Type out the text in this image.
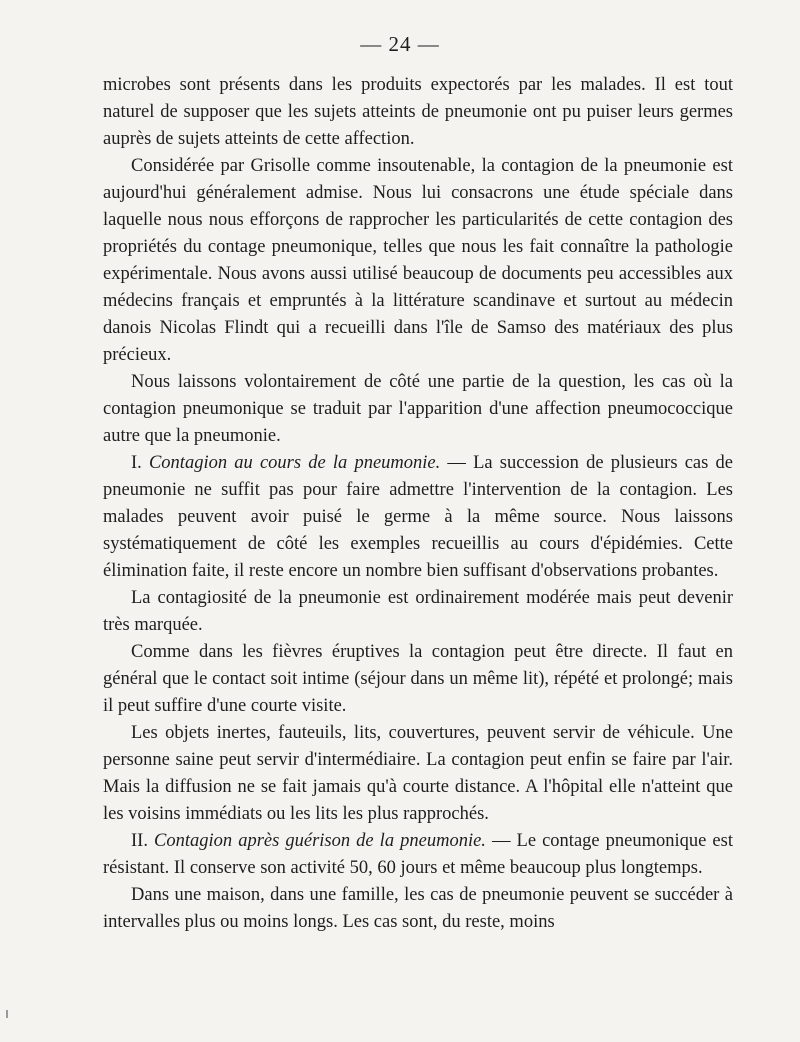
— 24 —

microbes sont présents dans les produits expectorés par les malades. Il est tout naturel de supposer que les sujets atteints de pneumonie ont pu puiser leurs germes auprès de sujets atteints de cette affection.

Considérée par Grisolle comme insoutenable, la contagion de la pneumonie est aujourd'hui généralement admise. Nous lui consacrons une étude spéciale dans laquelle nous nous efforçons de rapprocher les particularités de cette contagion des propriétés du contage pneumonique, telles que nous les fait connaître la pathologie expérimentale. Nous avons aussi utilisé beaucoup de documents peu accessibles aux médecins français et empruntés à la littérature scandinave et surtout au médecin danois Nicolas Flindt qui a recueilli dans l'île de Samso des matériaux des plus précieux.

Nous laissons volontairement de côté une partie de la question, les cas où la contagion pneumonique se traduit par l'apparition d'une affection pneumococcique autre que la pneumonie.

I. Contagion au cours de la pneumonie. — La succession de plusieurs cas de pneumonie ne suffit pas pour faire admettre l'intervention de la contagion. Les malades peuvent avoir puisé le germe à la même source. Nous laissons systématiquement de côté les exemples recueillis au cours d'épidémies. Cette élimination faite, il reste encore un nombre bien suffisant d'observations probantes.

La contagiosité de la pneumonie est ordinairement modérée mais peut devenir très marquée.

Comme dans les fièvres éruptives la contagion peut être directe. Il faut en général que le contact soit intime (séjour dans un même lit), répété et prolongé; mais il peut suffire d'une courte visite.

Les objets inertes, fauteuils, lits, couvertures, peuvent servir de véhicule. Une personne saine peut servir d'intermédiaire. La contagion peut enfin se faire par l'air. Mais la diffusion ne se fait jamais qu'à courte distance. A l'hôpital elle n'atteint que les voisins immédiats ou les lits les plus rapprochés.

II. Contagion après guérison de la pneumonie. — Le contage pneumonique est résistant. Il conserve son activité 50, 60 jours et même beaucoup plus longtemps.

Dans une maison, dans une famille, les cas de pneumonie peuvent se succéder à intervalles plus ou moins longs. Les cas sont, du reste, moins
